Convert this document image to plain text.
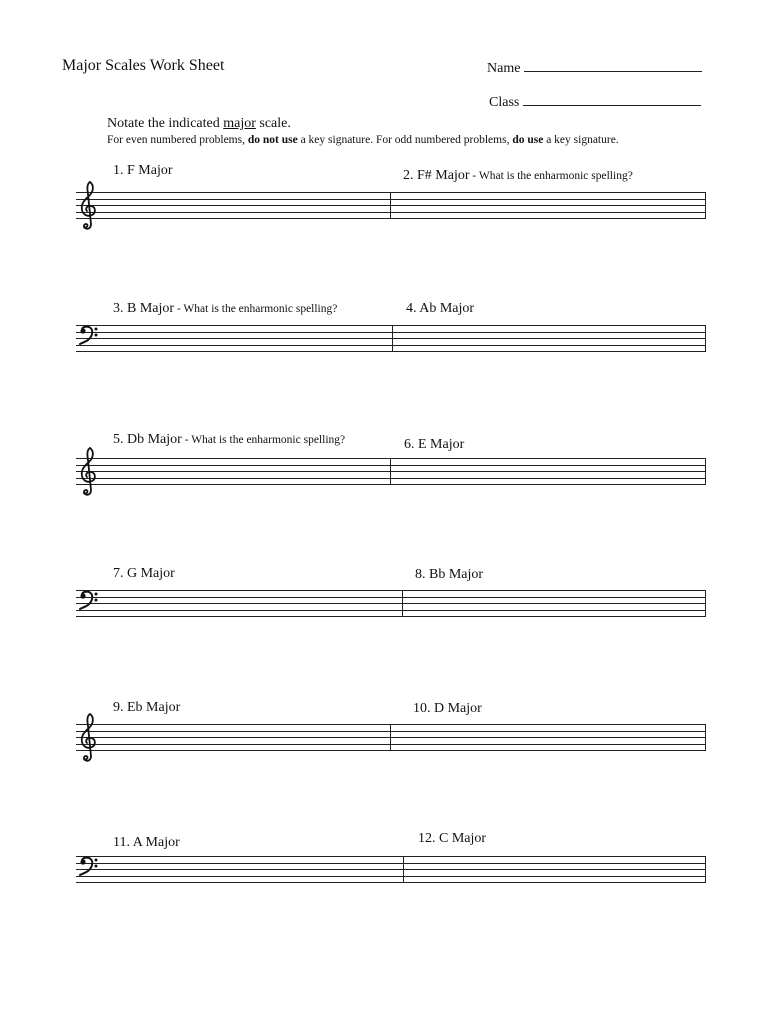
Major Scales Work Sheet	Name
Class
Notate the indicated major scale.
For even numbered problems, do not use a key signature. For odd numbered problems, do use a key signature.
1. F Major	2. F# Major - What is the enharmonic spelling?
3. B Major - What is the enharmonic spelling?	4. Ab Major
5. Db Major - What is the enharmonic spelling?	6. E Major
7. G Major	8. Bb Major
9. Eb Major	10. D Major
11. A Major	12. C Major
